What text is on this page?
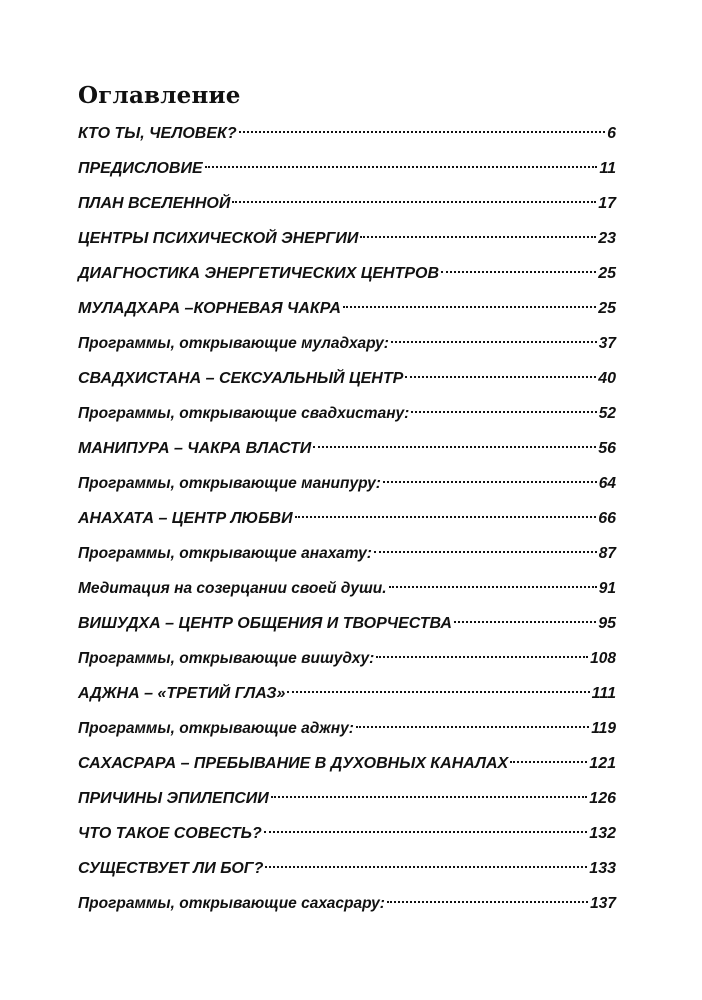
Оглавление
КТО ТЫ, ЧЕЛОВЕК?	6
ПРЕДИСЛОВИЕ	11
ПЛАН ВСЕЛЕННОЙ	17
ЦЕНТРЫ ПСИХИЧЕСКОЙ ЭНЕРГИИ	23
ДИАГНОСТИКА ЭНЕРГЕТИЧЕСКИХ ЦЕНТРОВ	25
МУЛАДХАРА –КОРНЕВАЯ ЧАКРА	25
Программы, открывающие муладхару:	37
СВАДХИСТАНА – СЕКСУАЛЬНЫЙ ЦЕНТР	40
Программы, открывающие свадхистану:	52
МАНИПУРА – ЧАКРА ВЛАСТИ	56
Программы, открывающие манипуру:	64
АНАХАТА – ЦЕНТР ЛЮБВИ	66
Программы, открывающие анахату:	87
Медитация на созерцании своей души.	91
ВИШУДХА – ЦЕНТР ОБЩЕНИЯ И ТВОРЧЕСТВА	95
Программы, открывающие вишудху:	108
АДЖНА – «ТРЕТИЙ ГЛАЗ»	111
Программы, открывающие аджну:	119
САХАСРАРА – ПРЕБЫВАНИЕ В ДУХОВНЫХ КАНАЛАХ	121
ПРИЧИНЫ ЭПИЛЕПСИИ	126
ЧТО ТАКОЕ СОВЕСТЬ?	132
СУЩЕСТВУЕТ ЛИ БОГ?	133
Программы, открывающие сахасрару:	137
